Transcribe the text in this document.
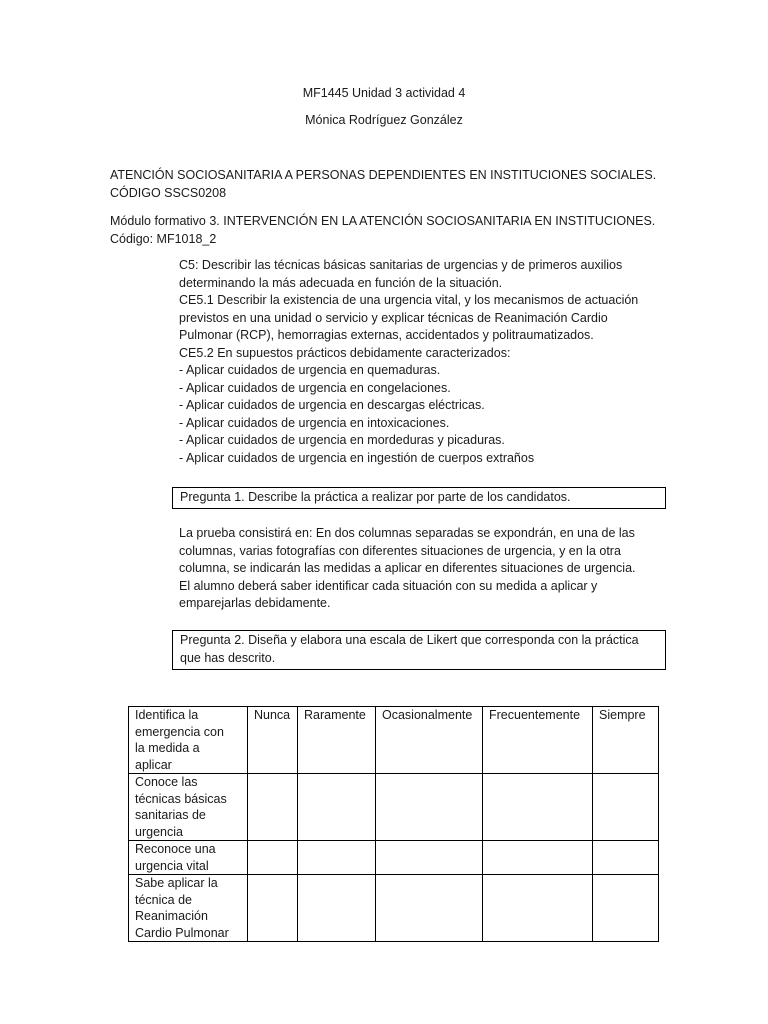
MF1445 Unidad 3 actividad 4
Mónica Rodríguez González
ATENCIÓN SOCIOSANITARIA A PERSONAS DEPENDIENTES EN INSTITUCIONES SOCIALES.
CÓDIGO SSCS0208
Módulo formativo 3. INTERVENCIÓN EN LA ATENCIÓN SOCIOSANITARIA EN INSTITUCIONES.
Código: MF1018_2
C5: Describir las técnicas básicas sanitarias de urgencias y de primeros auxilios
determinando la más adecuada en función de la situación.
CE5.1 Describir la existencia de una urgencia vital, y los mecanismos de actuación
previstos en una unidad o servicio y explicar técnicas de Reanimación Cardio
Pulmonar (RCP), hemorragias externas, accidentados y politraumatizados.
CE5.2 En supuestos prácticos debidamente caracterizados:
- Aplicar cuidados de urgencia en quemaduras.
- Aplicar cuidados de urgencia en congelaciones.
- Aplicar cuidados de urgencia en descargas eléctricas.
- Aplicar cuidados de urgencia en intoxicaciones.
- Aplicar cuidados de urgencia en mordeduras y picaduras.
- Aplicar cuidados de urgencia en ingestión de cuerpos extraños
Pregunta 1. Describe la práctica a realizar por parte de los candidatos.
La prueba consistirá en: En dos columnas separadas se expondrán, en una de las
columnas, varias fotografías con diferentes situaciones de urgencia, y en la otra
columna, se indicarán las medidas a aplicar en diferentes situaciones de urgencia.
El alumno deberá saber identificar cada situación con su medida a aplicar y
emparejarlas debidamente.
Pregunta 2. Diseña y elabora una escala de Likert que corresponda con la práctica
que has descrito.
Identifica la
emergencia con
la medida a
aplicar	Nunca	Raramente	Ocasionalmente	Frecuentemente	Siempre

Conoce las
técnicas básicas
sanitarias de
urgencia					

Reconoce una
urgencia vital					

Sabe aplicar la
técnica de
Reanimación
Cardio Pulmonar					
